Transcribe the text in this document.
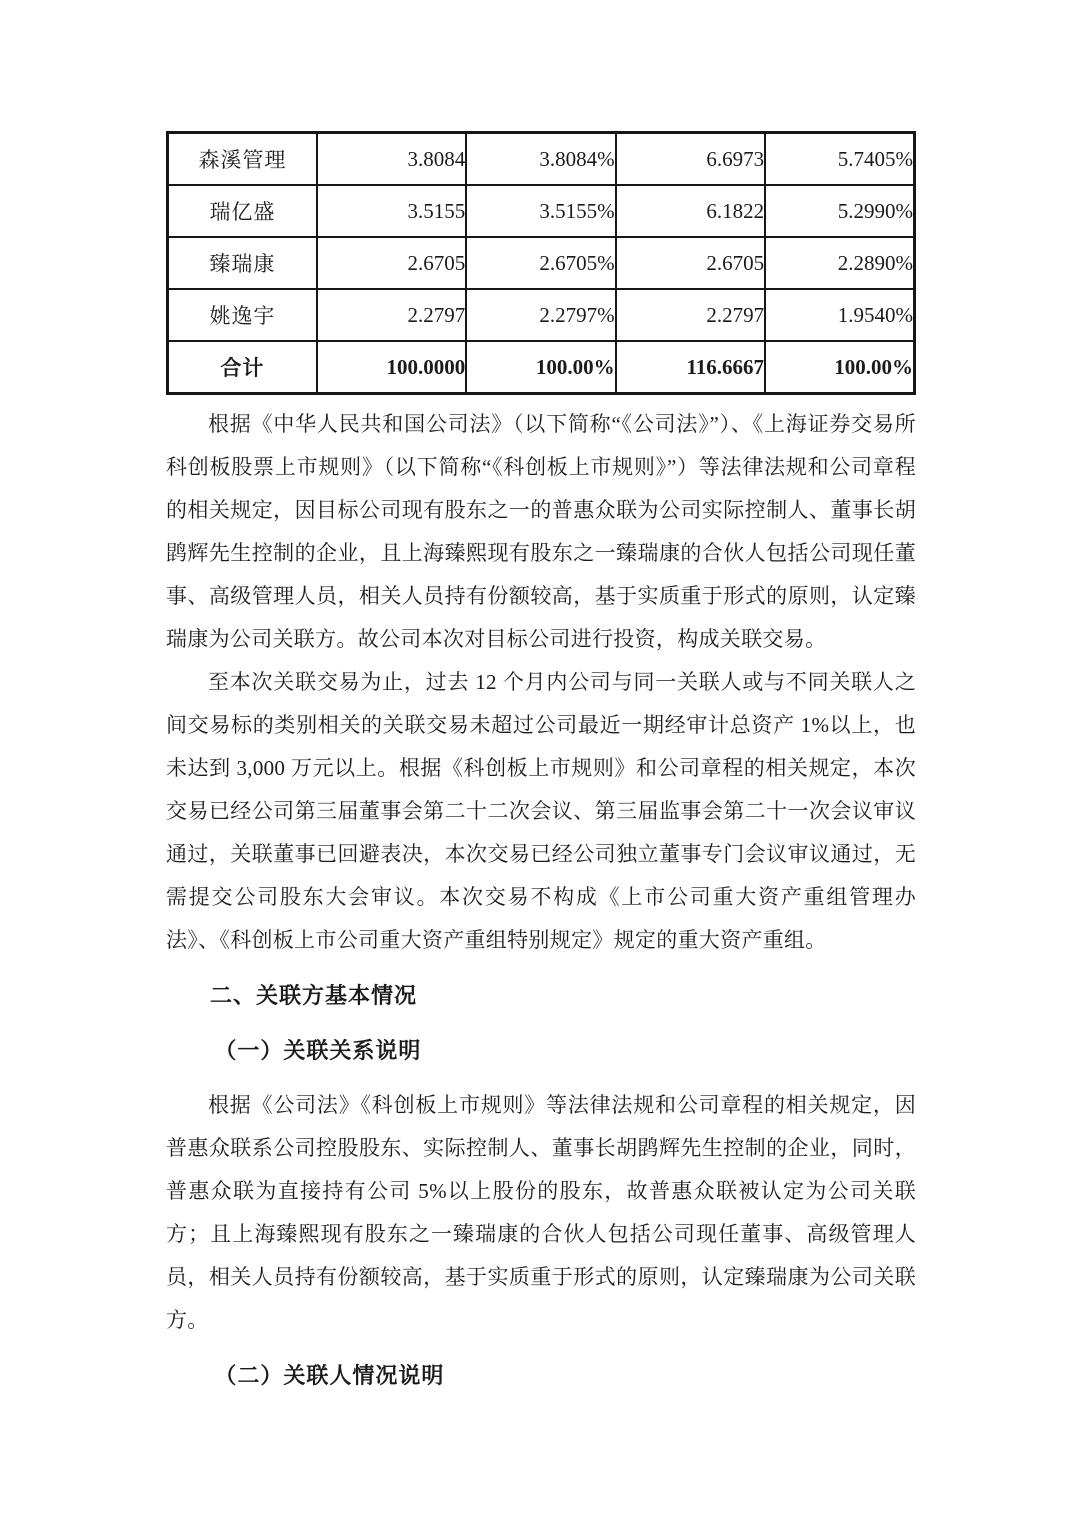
森溪管理	3.8084	3.8084%	6.6973	5.7405%
瑞亿盛	3.5155	3.5155%	6.1822	5.2990%
臻瑞康	2.6705	2.6705%	2.6705	2.2890%
姚逸宇	2.2797	2.2797%	2.2797	1.9540%
合计	100.0000	100.00%	116.6667	100.00%

根据《中华人民共和国公司法》（以下简称“《公司法》”）、《上海证券交易所科创板股票上市规则》（以下简称“《科创板上市规则》”）等法律法规和公司章程的相关规定，因目标公司现有股东之一的普惠众联为公司实际控制人、董事长胡鹍辉先生控制的企业，且上海臻熙现有股东之一臻瑞康的合伙人包括公司现任董事、高级管理人员，相关人员持有份额较高，基于实质重于形式的原则，认定臻瑞康为公司关联方。故公司本次对目标公司进行投资，构成关联交易。

至本次关联交易为止，过去 12 个月内公司与同一关联人或与不同关联人之间交易标的类别相关的关联交易未超过公司最近一期经审计总资产 1%以上，也未达到 3,000 万元以上。根据《科创板上市规则》和公司章程的相关规定，本次交易已经公司第三届董事会第二十二次会议、第三届监事会第二十一次会议审议通过，关联董事已回避表决，本次交易已经公司独立董事专门会议审议通过，无需提交公司股东大会审议。本次交易不构成《上市公司重大资产重组管理办法》、《科创板上市公司重大资产重组特别规定》规定的重大资产重组。

二、关联方基本情况
（一）关联关系说明

根据《公司法》《科创板上市规则》等法律法规和公司章程的相关规定，因普惠众联系公司控股股东、实际控制人、董事长胡鹍辉先生控制的企业，同时，普惠众联为直接持有公司 5%以上股份的股东，故普惠众联被认定为公司关联方；且上海臻熙现有股东之一臻瑞康的合伙人包括公司现任董事、高级管理人员，相关人员持有份额较高，基于实质重于形式的原则，认定臻瑞康为公司关联方。

（二）关联人情况说明
